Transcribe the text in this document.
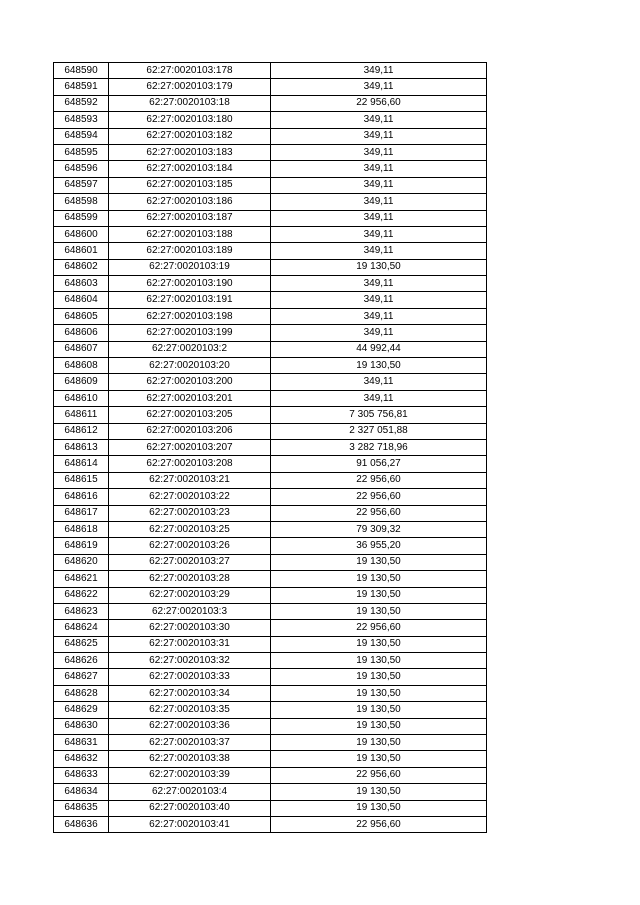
648590	62:27:0020103:178	349,11
648591	62:27:0020103:179	349,11
648592	62:27:0020103:18	22 956,60
648593	62:27:0020103:180	349,11
648594	62:27:0020103:182	349,11
648595	62:27:0020103:183	349,11
648596	62:27:0020103:184	349,11
648597	62:27:0020103:185	349,11
648598	62:27:0020103:186	349,11
648599	62:27:0020103:187	349,11
648600	62:27:0020103:188	349,11
648601	62:27:0020103:189	349,11
648602	62:27:0020103:19	19 130,50
648603	62:27:0020103:190	349,11
648604	62:27:0020103:191	349,11
648605	62:27:0020103:198	349,11
648606	62:27:0020103:199	349,11
648607	62:27:0020103:2	44 992,44
648608	62:27:0020103:20	19 130,50
648609	62:27:0020103:200	349,11
648610	62:27:0020103:201	349,11
648611	62:27:0020103:205	7 305 756,81
648612	62:27:0020103:206	2 327 051,88
648613	62:27:0020103:207	3 282 718,96
648614	62:27:0020103:208	91 056,27
648615	62:27:0020103:21	22 956,60
648616	62:27:0020103:22	22 956,60
648617	62:27:0020103:23	22 956,60
648618	62:27:0020103:25	79 309,32
648619	62:27:0020103:26	36 955,20
648620	62:27:0020103:27	19 130,50
648621	62:27:0020103:28	19 130,50
648622	62:27:0020103:29	19 130,50
648623	62:27:0020103:3	19 130,50
648624	62:27:0020103:30	22 956,60
648625	62:27:0020103:31	19 130,50
648626	62:27:0020103:32	19 130,50
648627	62:27:0020103:33	19 130,50
648628	62:27:0020103:34	19 130,50
648629	62:27:0020103:35	19 130,50
648630	62:27:0020103:36	19 130,50
648631	62:27:0020103:37	19 130,50
648632	62:27:0020103:38	19 130,50
648633	62:27:0020103:39	22 956,60
648634	62:27:0020103:4	19 130,50
648635	62:27:0020103:40	19 130,50
648636	62:27:0020103:41	22 956,60
